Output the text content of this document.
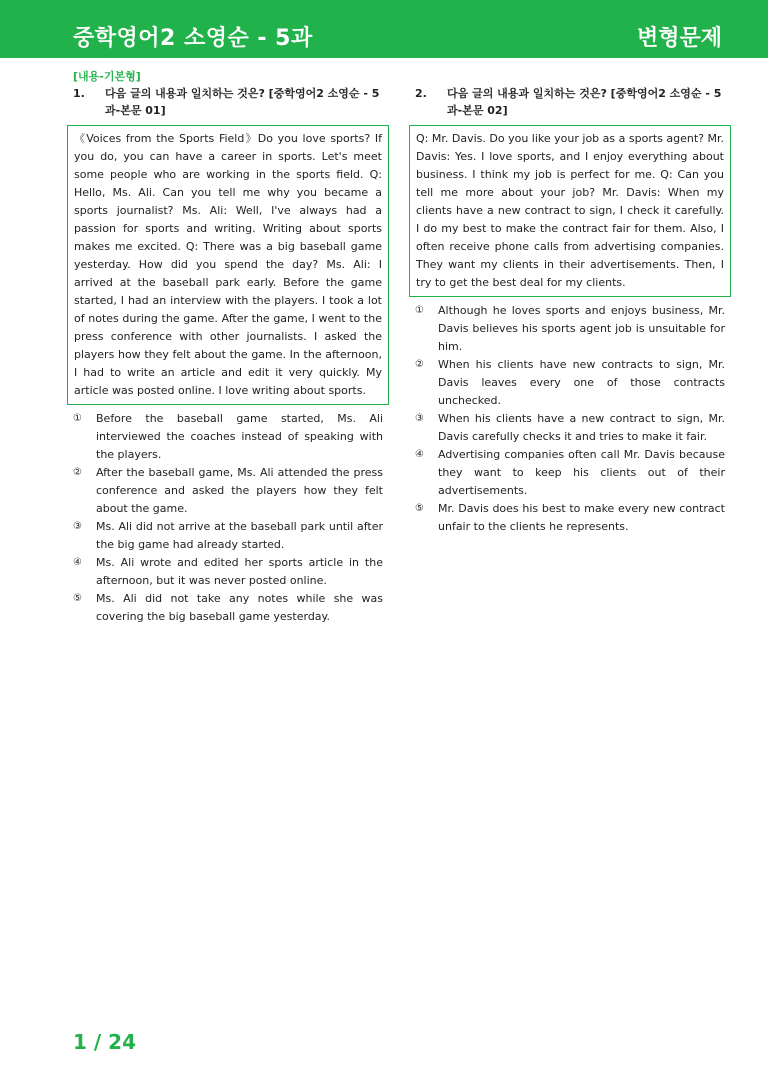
중학영어2 소영순 - 5과	변형문제
[내용-기본형]
1. 다음 글의 내용과 일치하는 것은? [중학영어2 소영순 - 5과-본문 01]
《Voices from the Sports Field》Do you love sports? If you do, you can have a career in sports. Let's meet some people who are working in the sports field. Q: Hello, Ms. Ali. Can you tell me why you became a sports journalist? Ms. Ali: Well, I've always had a passion for sports and writing. Writing about sports makes me excited. Q: There was a big baseball game yesterday. How did you spend the day? Ms. Ali: I arrived at the baseball park early. Before the game started, I had an interview with the players. I took a lot of notes during the game. After the game, I went to the press conference with other journalists. I asked the players how they felt about the game. In the afternoon, I had to write an article and edit it very quickly. My article was posted online. I love writing about sports.
① Before the baseball game started, Ms. Ali interviewed the coaches instead of speaking with the players.
② After the baseball game, Ms. Ali attended the press conference and asked the players how they felt about the game.
③ Ms. Ali did not arrive at the baseball park until after the big game had already started.
④ Ms. Ali wrote and edited her sports article in the afternoon, but it was never posted online.
⑤ Ms. Ali did not take any notes while she was covering the big baseball game yesterday.
2. 다음 글의 내용과 일치하는 것은? [중학영어2 소영순 - 5과-본문 02]
Q: Mr. Davis. Do you like your job as a sports agent? Mr. Davis: Yes. I love sports, and I enjoy everything about business. I think my job is perfect for me. Q: Can you tell me more about your job? Mr. Davis: When my clients have a new contract to sign, I check it carefully. I do my best to make the contract fair for them. Also, I often receive phone calls from advertising companies. They want my clients in their advertisements. Then, I try to get the best deal for my clients.
① Although he loves sports and enjoys business, Mr. Davis believes his sports agent job is unsuitable for him.
② When his clients have new contracts to sign, Mr. Davis leaves every one of those contracts unchecked.
③ When his clients have a new contract to sign, Mr. Davis carefully checks it and tries to make it fair.
④ Advertising companies often call Mr. Davis because they want to keep his clients out of their advertisements.
⑤ Mr. Davis does his best to make every new contract unfair to the clients he represents.
1 / 24
